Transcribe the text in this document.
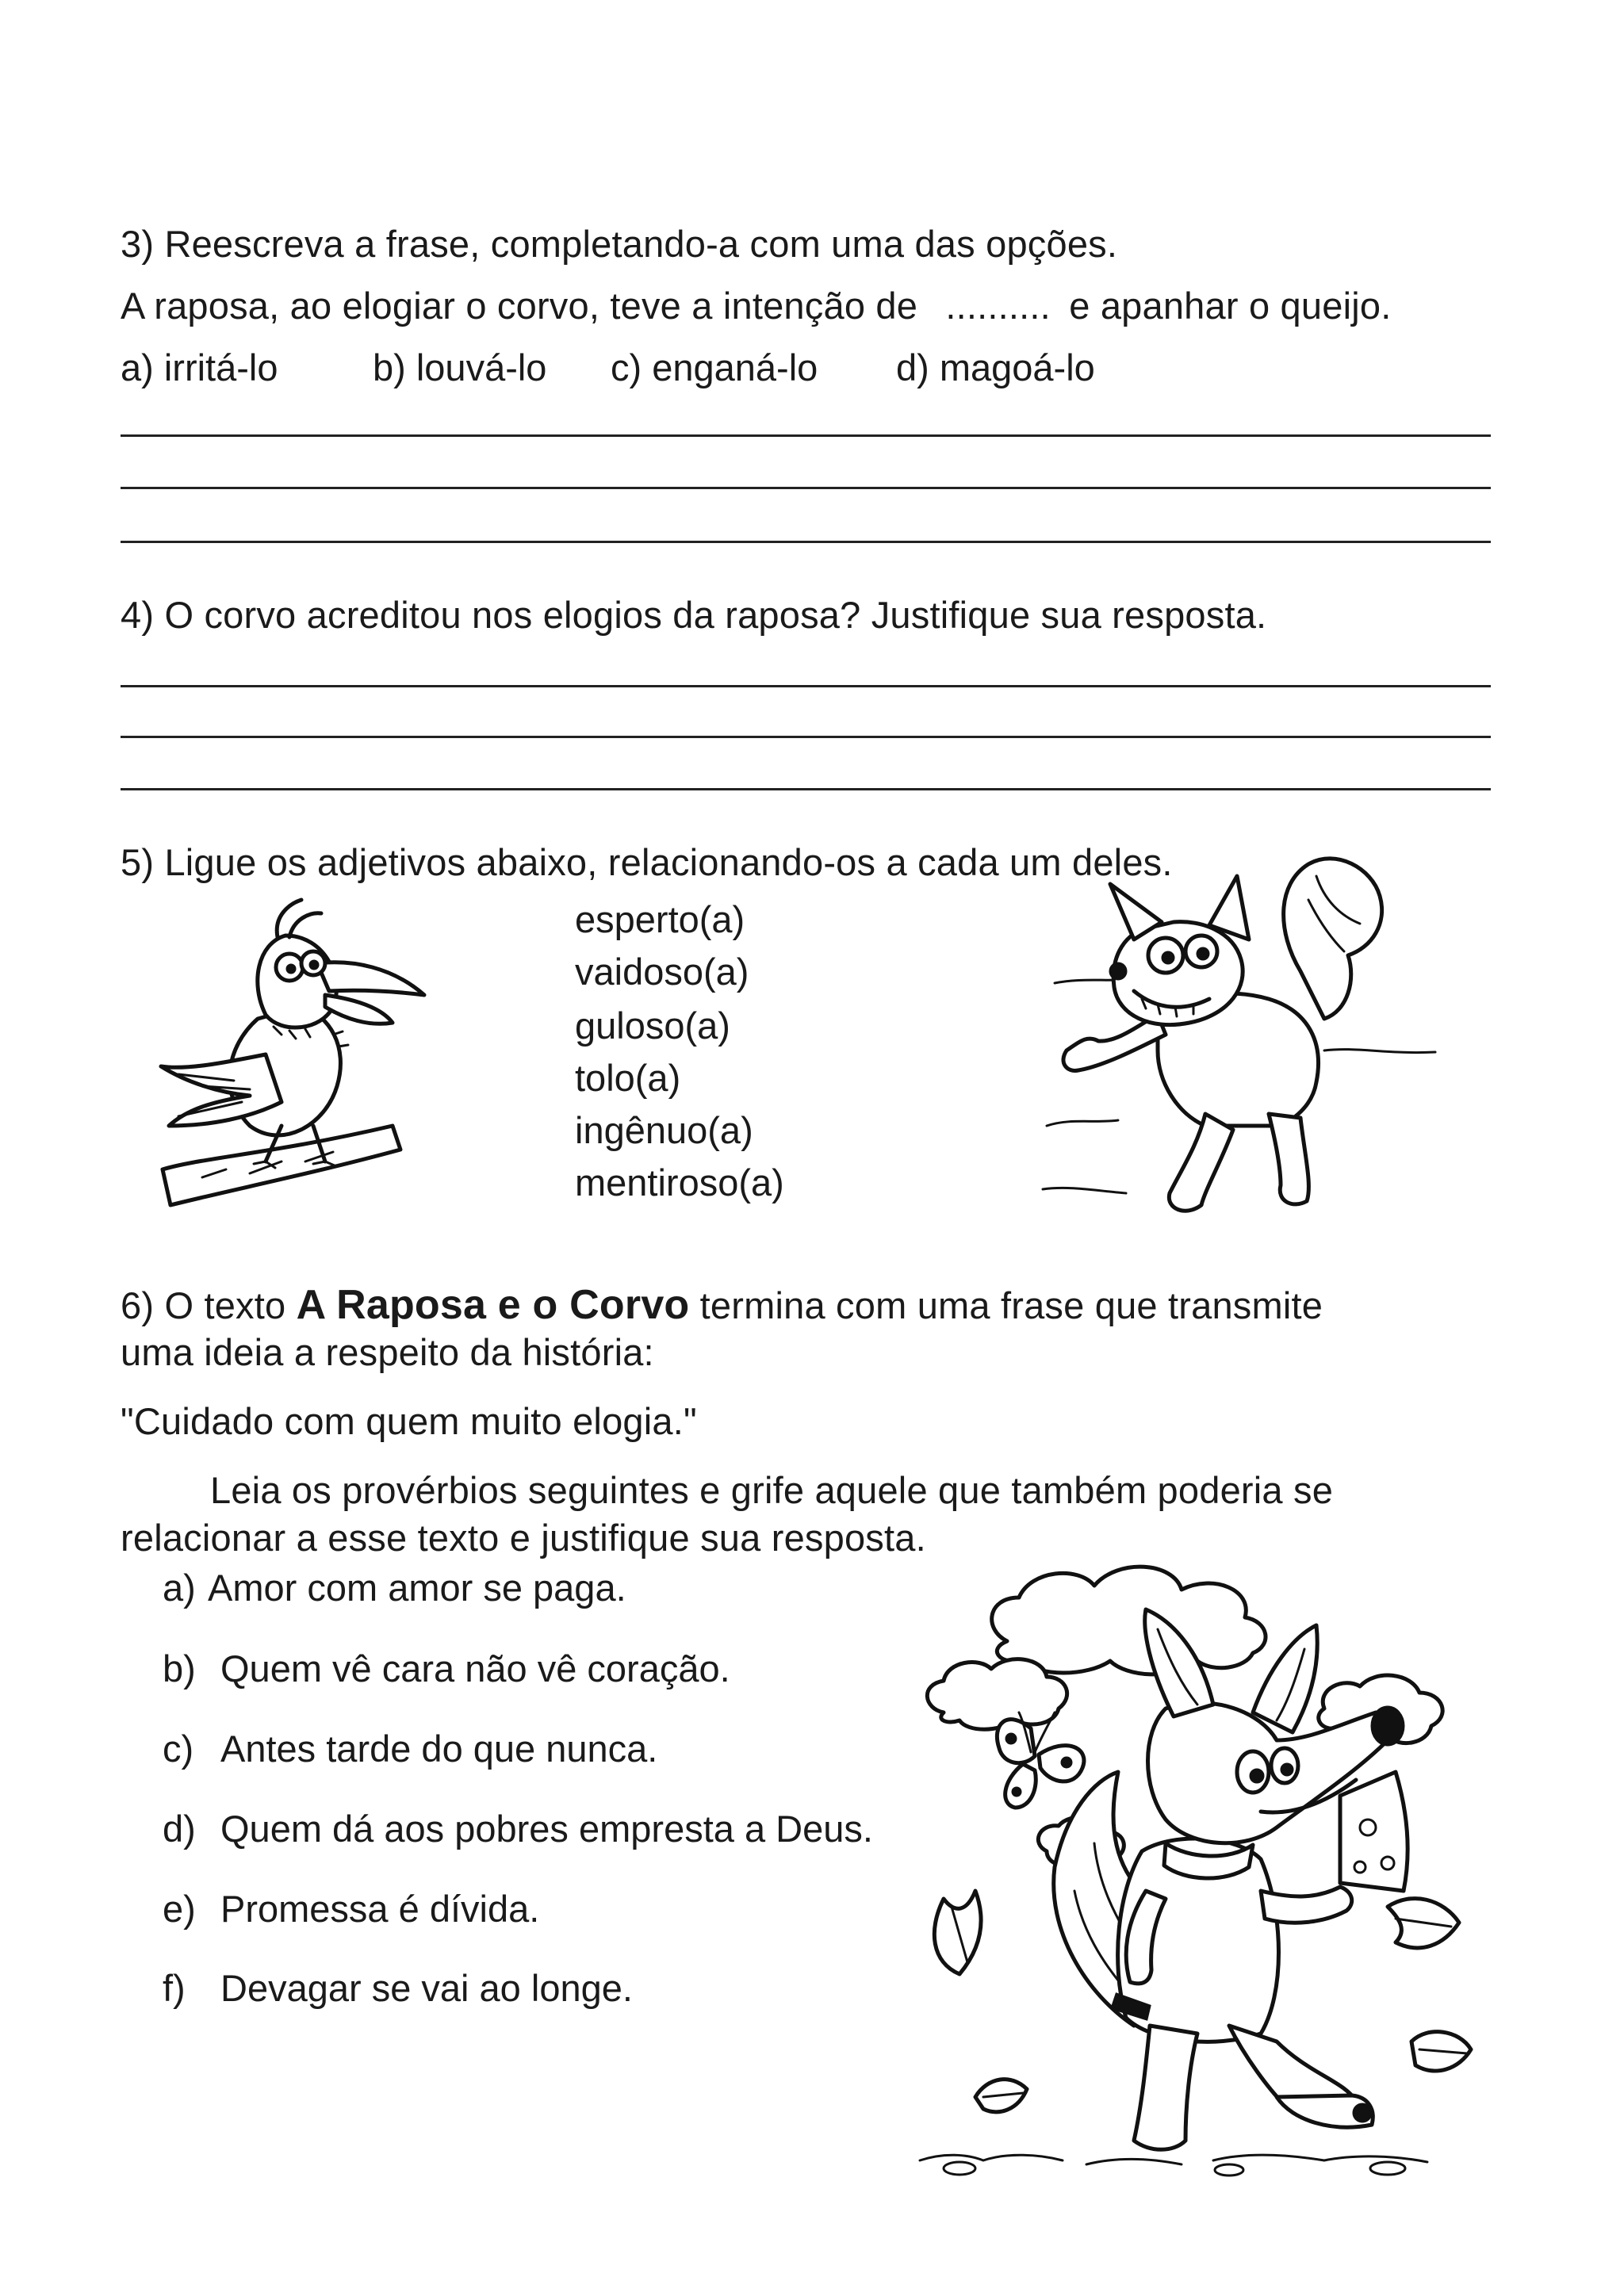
3) Reescreva a frase, completando-a com uma das opções.
A raposa, ao elogiar o corvo, teve a intenção de .......... e apanhar o queijo.
a) irritá-lo	b) louvá-lo c) enganá-lo d) magoá-lo
4) O corvo acreditou nos elogios da raposa? Justifique sua resposta.
5) Ligue os adjetivos abaixo, relacionando-os a cada um deles.
esperto(a)
vaidoso(a)
guloso(a)
tolo(a)
ingênuo(a)
mentiroso(a)
6) O texto A Raposa e o Corvo termina com uma frase que transmite
uma ideia a respeito da história:
"Cuidado com quem muito elogia."
Leia os provérbios seguintes e grife aquele que também poderia se
relacionar a esse texto e justifique sua resposta.
a) Amor com amor se paga.
b) Quem vê cara não vê coração.
c) Antes tarde do que nunca.
d) Quem dá aos pobres empresta a Deus.
e) Promessa é dívida.
f) Devagar se vai ao longe.
